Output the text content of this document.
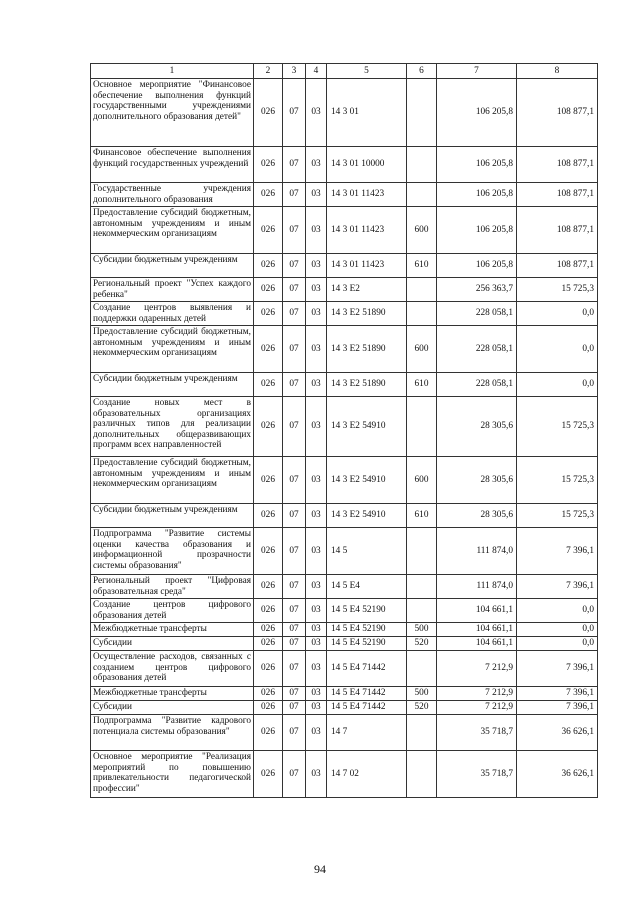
1	2	3	4	5	6	7	8
Основное мероприятие "Финансовое обеспечение выполнения функций государственными учреждениями дополнительного образования детей"	026	07	03	14 3 01		106 205,8	108 877,1
Финансовое обеспечение выполнения функций государственных учреждений	026	07	03	14 3 01 10000		106 205,8	108 877,1
Государственные учреждения дополнительного образования	026	07	03	14 3 01 11423		106 205,8	108 877,1
Предоставление субсидий бюджетным, автономным учреждениям и иным некоммерческим организациям	026	07	03	14 3 01 11423	600	106 205,8	108 877,1
Субсидии бюджетным учреждениям	026	07	03	14 3 01 11423	610	106 205,8	108 877,1
Региональный проект "Успех каждого ребенка"	026	07	03	14 3 E2		256 363,7	15 725,3
Создание центров выявления и поддержки одаренных детей	026	07	03	14 3 E2 51890		228 058,1	0,0
Предоставление субсидий бюджетным, автономным учреждениям и иным некоммерческим организациям	026	07	03	14 3 E2 51890	600	228 058,1	0,0
Субсидии бюджетным учреждениям	026	07	03	14 3 E2 51890	610	228 058,1	0,0
Создание новых мест в образовательных организациях различных типов для реализации дополнительных общеразвивающих программ всех направленностей	026	07	03	14 3 E2 54910		28 305,6	15 725,3
Предоставление субсидий бюджетным, автономным учреждениям и иным некоммерческим организациям	026	07	03	14 3 E2 54910	600	28 305,6	15 725,3
Субсидии бюджетным учреждениям	026	07	03	14 3 E2 54910	610	28 305,6	15 725,3
Подпрограмма "Развитие системы оценки качества образования и информационной прозрачности системы образования"	026	07	03	14 5		111 874,0	7 396,1
Региональный проект "Цифровая образовательная среда"	026	07	03	14 5 E4		111 874,0	7 396,1
Создание центров цифрового образования детей	026	07	03	14 5 E4 52190		104 661,1	0,0
Межбюджетные трансферты	026	07	03	14 5 E4 52190	500	104 661,1	0,0
Субсидии	026	07	03	14 5 E4 52190	520	104 661,1	0,0
Осуществление расходов, связанных с созданием центров цифрового образования детей	026	07	03	14 5 E4 71442		7 212,9	7 396,1
Межбюджетные трансферты	026	07	03	14 5 E4 71442	500	7 212,9	7 396,1
Субсидии	026	07	03	14 5 E4 71442	520	7 212,9	7 396,1
Подпрограмма "Развитие кадрового потенциала системы образования"	026	07	03	14 7		35 718,7	36 626,1
Основное мероприятие "Реализация мероприятий по повышению привлекательности педагогической профессии"	026	07	03	14 7 02		35 718,7	36 626,1
94
